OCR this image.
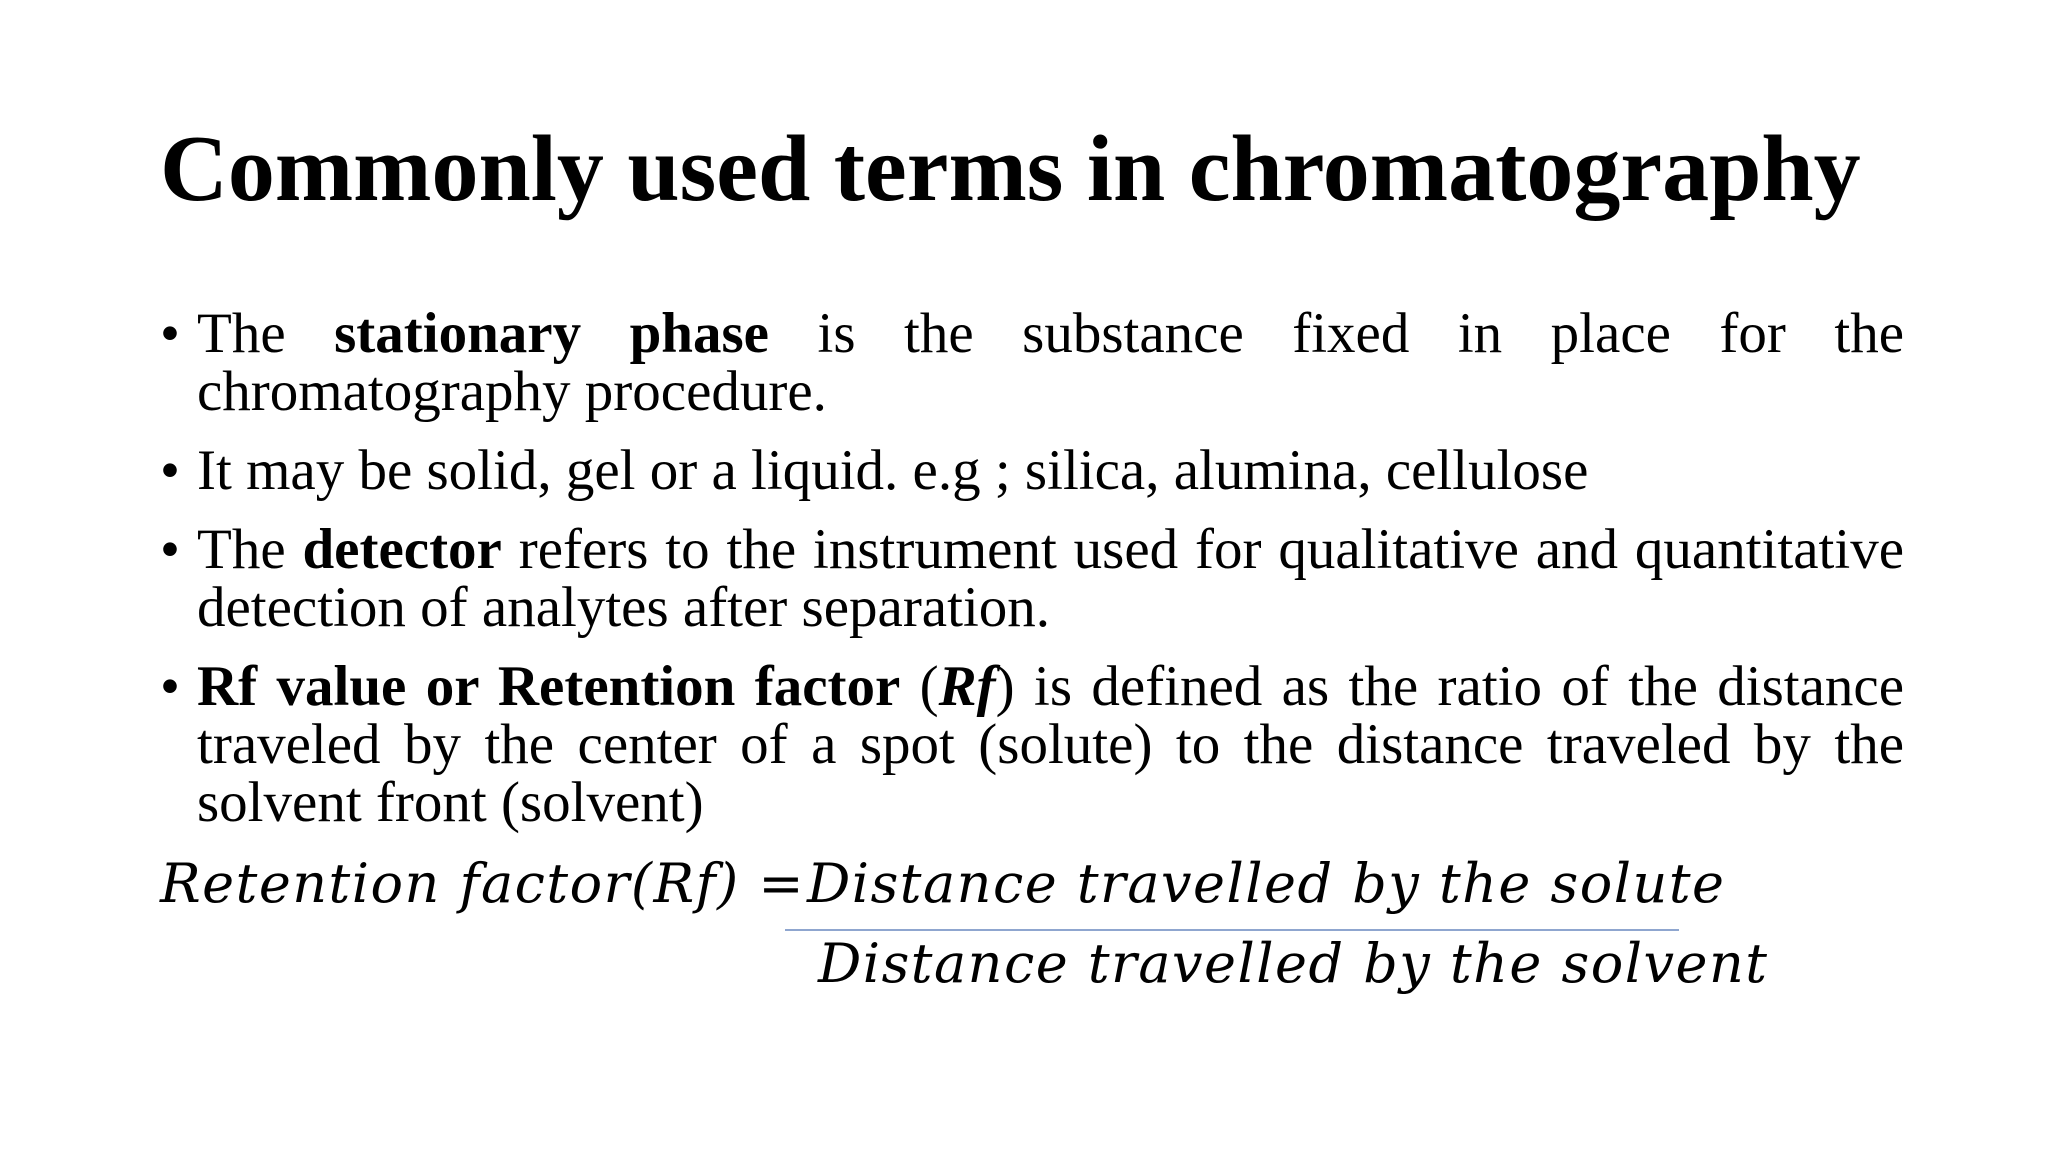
Commonly used terms in chromatography
• The stationary phase is the substance fixed in place for the chromatography procedure.
• It may be solid, gel or a liquid. e.g ; silica, alumina, cellulose
• The detector refers to the instrument used for qualitative and quantitative detection of analytes after separation.
• Rf value or Retention factor (Rf) is defined as the ratio of the distance traveled by the center of a spot (solute) to the distance traveled by the solvent front (solvent)
Retention factor(Rf) = Distance travelled by the solute
Distance travelled by the solvent
